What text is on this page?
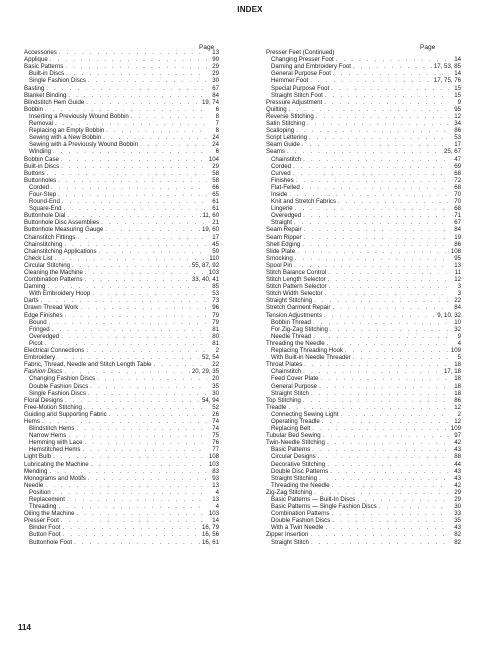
INDEX
Page	Page
Accessories . . .	13
Applique . . .	90
Basic Patterns . . .	29
Built-in Discs . . .	29
Single Fashion Discs . . .	30
Basting . . .	67
Blanket Binding . . .	84
Blindstitch Hem Guide . . .	19, 74
Bobbin . . .	6
Inserting a Previously Wound Bobbin . . .	8
Removal . . .	7
Replacing an Empty Bobbin . . .	8
Sewing with a New Bobbin . . .	24
Sewing with a Previously Wound Bobbin . . .	24
Winding . . .	6
Bobbin Case . . .	104
Built-in Discs . . .	29
Buttons . . .	58
Buttonholes . . .	58
Corded . . .	66
Four-Step . . .	65
Round-End . . .	61
Square-End . . .	61
Buttonhole Dial . . .	11, 60
Buttonhole Disc Assemblies . . .	21
Buttonhole Measuring Gauge . . .	19, 60
Chainstitch Fittings . . .	17
Chainstitching . . .	45
Chainstitching Applications . . .	50
Check List . . .	110
Circular Stitching . . .	55, 87, 92
Cleaning the Machine . . .	103
Combination Patterns . . .	33, 40, 41
Darning . . .	85
With Embroidery Hoop . . .	53
Darts . . .	73
Drawn Thread Work . . .	96
Edge Finishes . . .	79
Bound . . .	79
Fringed . . .	81
Overedged . . .	80
Picot . . .	81
Electrical Connections . . .	2
Embroidery . . .	52, 54
Fabric, Thread, Needle and Stitch Length Table . . .	22
Fashion Discs . . .	20, 29, 35
Changing Fashion Discs . . .	20
Double Fashion Discs . . .	35
Single Fashion Discs . . .	30
Floral Designs . . .	54, 94
Free-Motion Stitching . . .	52
Guiding and Supporting Fabric . . .	26
Hems . . .	74
Blindstitch Hems . . .	74
Narrow Hems . . .	75
Hemming with Lace . . .	76
Hemstitched Hems . . .	77
Light Bulb . . .	108
Lubricating the Machine . . .	103
Mending . . .	83
Monograms and Motifs . . .	93
Needle . . .	13
Position . . .	4
Replacement . . .	13
Threading . . .	4
Oiling the Machine . . .	103
Presser Foot . . .	14
Binder Foot . . .	16, 79
Button Foot . . .	16, 56
Buttonhole Foot . . .	16, 61
Presser Feet (Continued)
Changing Presser Foot . . .	14
Darning and Embroidery Foot . . .	17, 53, 85
General Purpose Foot . . .	14
Hemmer Foot . . .	17, 75, 76
Special Purpose Foot . . .	15
Straight Stitch Foot . . .	15
Pressure Adjustment . . .	9
Quilting . . .	95
Reverse Stitching . . .	12
Satin Stitching . . .	34
Scalloping . . .	86
Script Lettering . . .	53
Seam Guide . . .	17
Seams . . .	25, 67
Chainstitch . . .	47
Corded . . .	69
Curved . . .	68
Finishes . . .	72
Flat-Felled . . .	68
Inside . . .	70
Knit and Stretch Fabrics . . .	70
Lingerie . . .	68
Overedged . . .	71
Straight . . .	67
Seam Repair . . .	84
Seam Ripper . . .	19
Shell Edging . . .	86
Slide Plate . . .	108
Smocking . . .	95
Spool Pin . . .	13
Stitch Balance Control . . .	11
Stitch Length Selector . . .	12
Stitch Pattern Selector . . .	3
Stitch Width Selector . . .	3
Straight Stitching . . .	22
Stretch Garment Repair . . .	84
Tension Adjustments . . .	9, 10, 32
Bobbin Thread . . .	10
For Zig-Zag Stitching . . .	32
Needle Thread . . .	9
Threading the Needle . . .	4
Replacing Threading Hook . . .	109
With Built-in Needle Threader . . .	5
Throat Plates . . .	18
Chainstitch . . .	17, 18
Feed Cover Plate . . .	18
General Purpose . . .	18
Straight Stitch . . .	18
Top Stitching . . .	86
Treadle . . .	12
Connecting Sewing Light . . .	2
Operating Treadle . . .	12
Replacing Belt . . .	109
Tubular Bed Sewing . . .	97
Twin-Needle Stitching . . .	42
Basic Patterns . . .	43
Circular Designs . . .	88
Decorative Stitching . . .	44
Double Disc Patterns . . .	43
Straight Stitching . . .	43
Threading the Needle . . .	42
Zig-Zag Stitching . . .	29
Basic Patterns — Built-In Discs . . .	29
Basic Patterns — Single Fashion Discs . . .	30
Combination Patterns . . .	33
Double Fashion Discs . . .	35
With a Twin Needle . . .	43
Zipper Insertion . . .	82
Straight Stitch . . .	82
114
